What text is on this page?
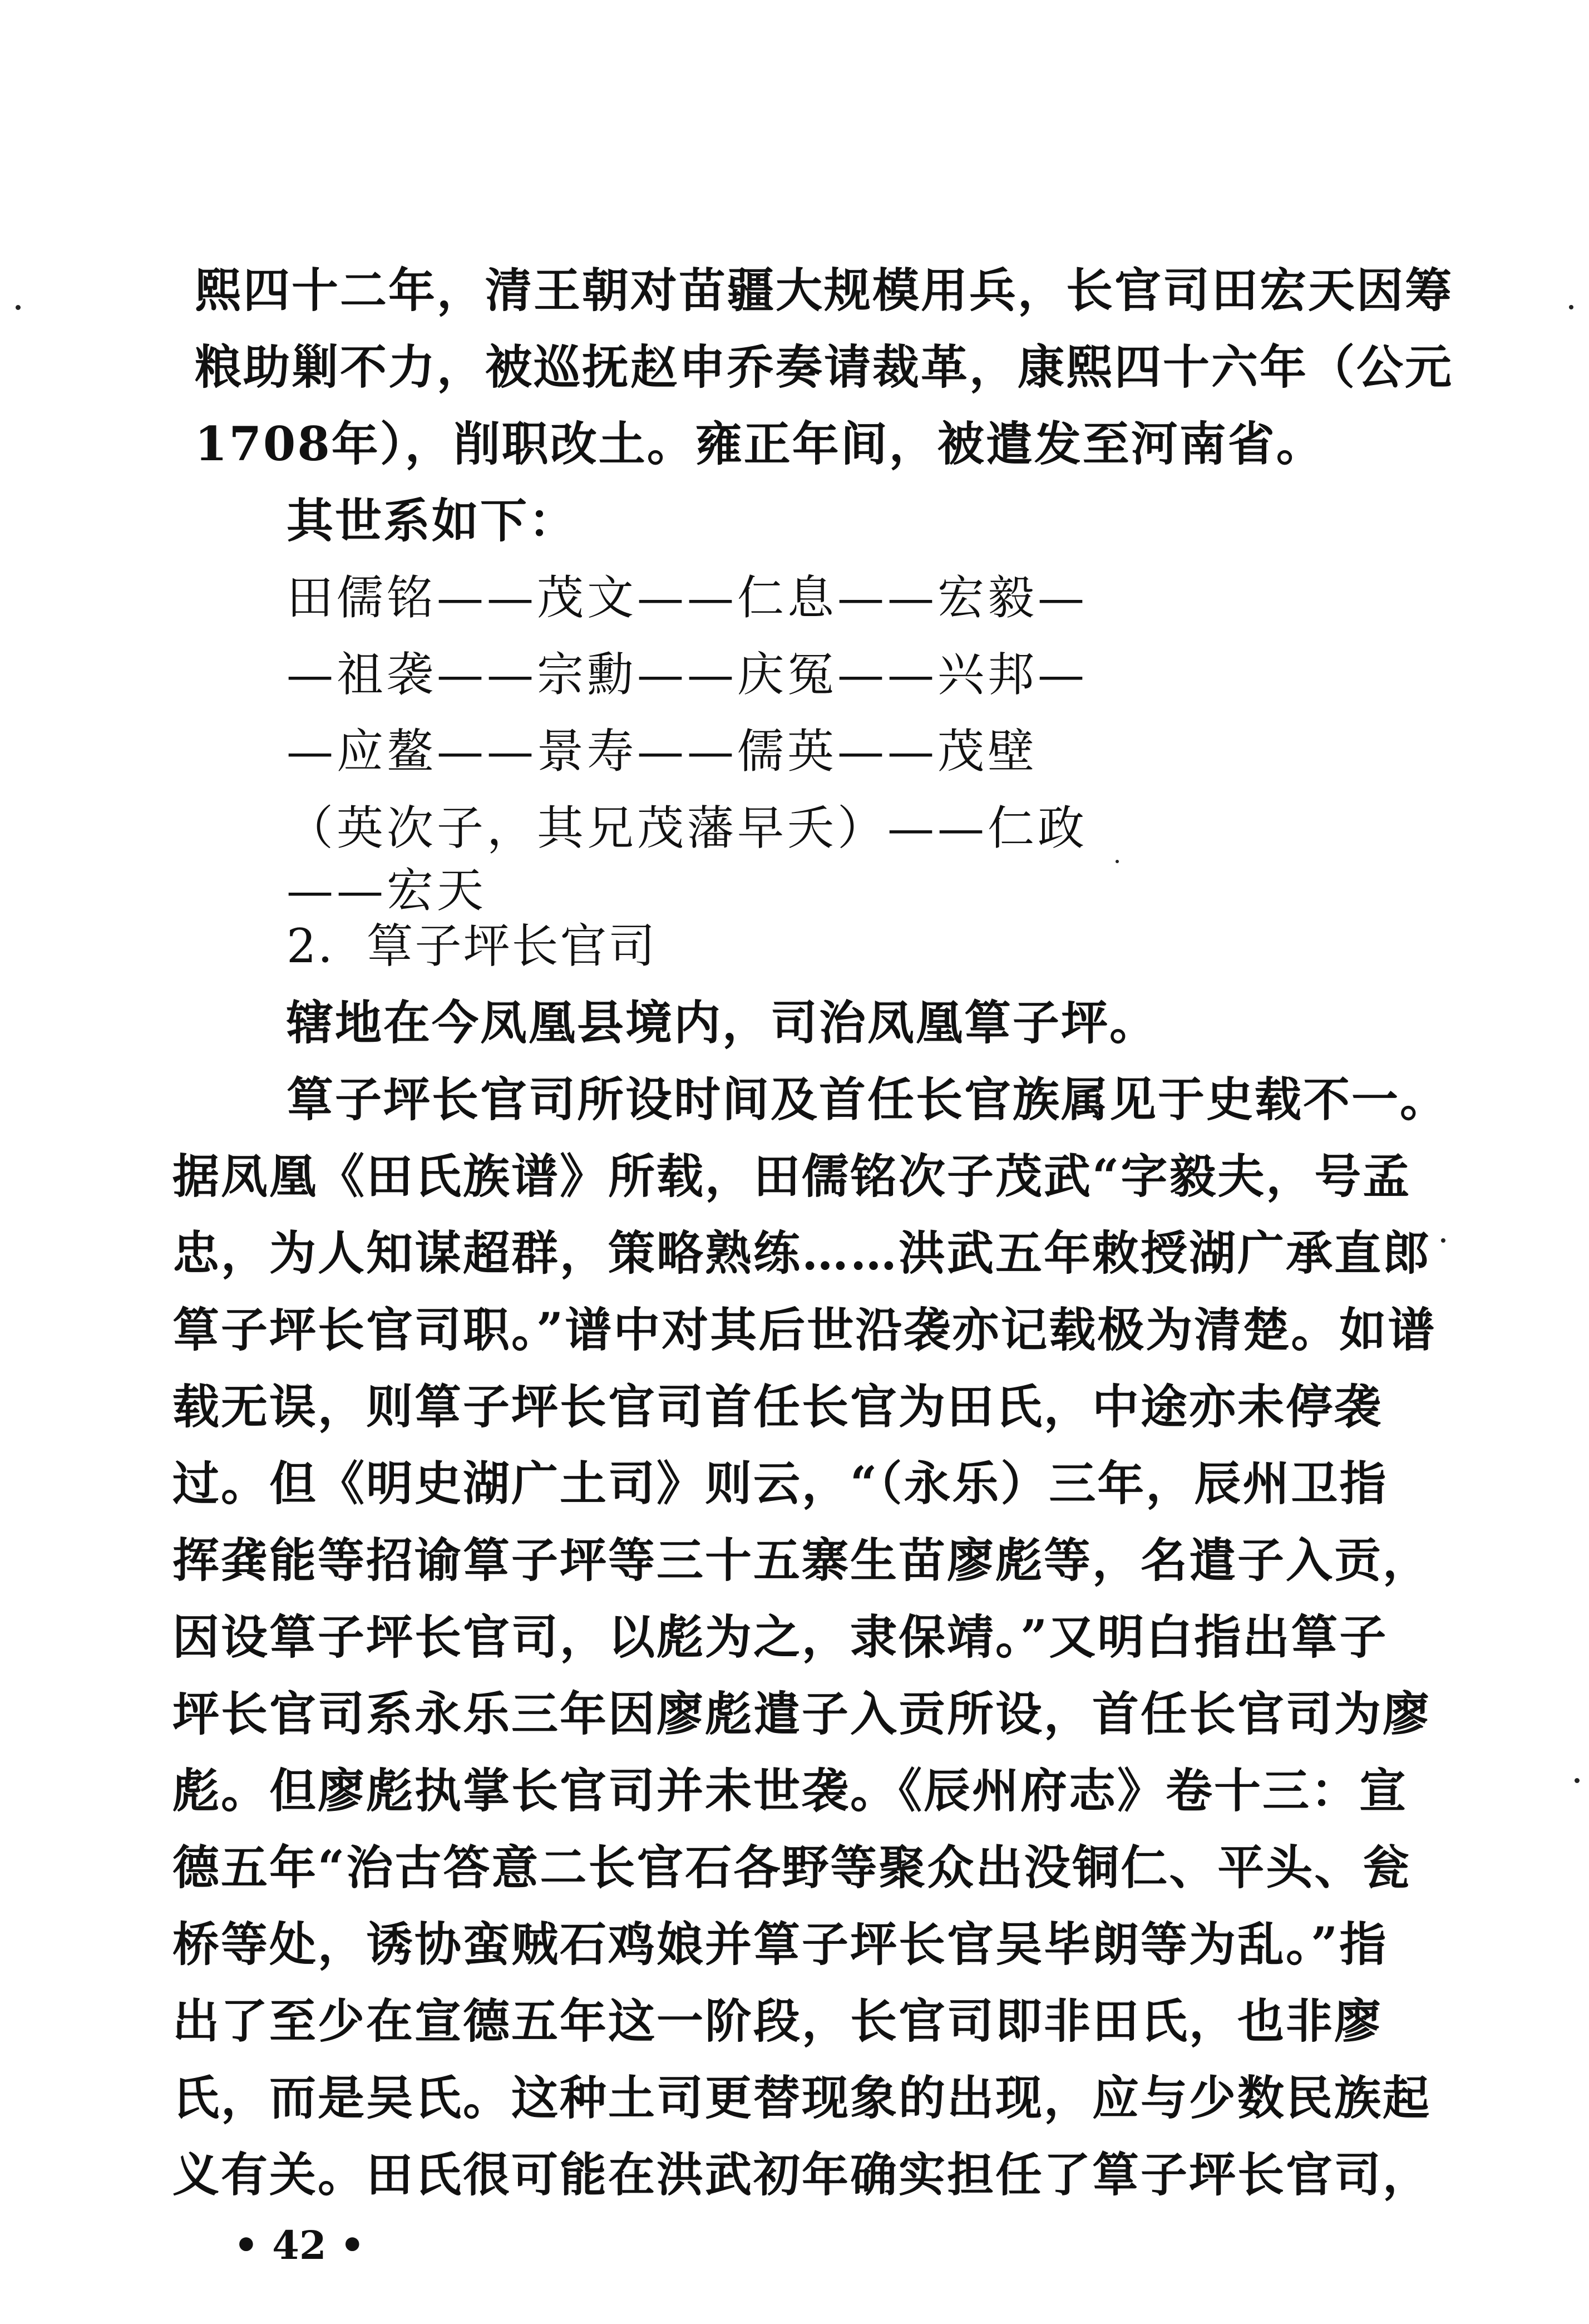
熙四十二年，清王朝对苗疆大规模用兵，长官司田宏天因筹
粮助剿不力，被巡抚赵申乔奏请裁革，康熙四十六年（公元
1708年），削职改土。雍正年间，被遣发至河南省。
其世系如下：
田儒铭——茂文——仁息——宏毅—
—祖袭——宗勳——庆冤——兴邦—
—应鳌——景寿——儒英——茂壁
（英次子，其兄茂藩早夭）——仁政
——宏天
2．筸子坪长官司
辖地在今凤凰县境内，司治凤凰筸子坪。
筸子坪长官司所设时间及首任长官族属见于史载不一。
据凤凰《田氏族谱》所载，田儒铭次子茂武“字毅夫，号孟
忠，为人知谋超群，策略熟练……洪武五年敕授湖广承直郎
筸子坪长官司职。”谱中对其后世沿袭亦记载极为清楚。如谱
载无误，则筸子坪长官司首任长官为田氏，中途亦未停袭
过。但《明史湖广土司》则云，“（永乐）三年，辰州卫指
挥龚能等招谕筸子坪等三十五寨生苗廖彪等，名遣子入贡，
因设筸子坪长官司，以彪为之，隶保靖。”又明白指出筸子
坪长官司系永乐三年因廖彪遣子入贡所设，首任长官司为廖
彪。但廖彪执掌长官司并未世袭。《辰州府志》卷十三：宣
德五年“治古答意二长官石各野等聚众出没铜仁、平头、瓮
桥等处，诱协蛮贼石鸡娘并筸子坪长官吴毕朗等为乱。”指
出了至少在宣德五年这一阶段，长官司即非田氏，也非廖
氏，而是吴氏。这种土司更替现象的出现，应与少数民族起
义有关。田氏很可能在洪武初年确实担任了筸子坪长官司，
• 42 •
